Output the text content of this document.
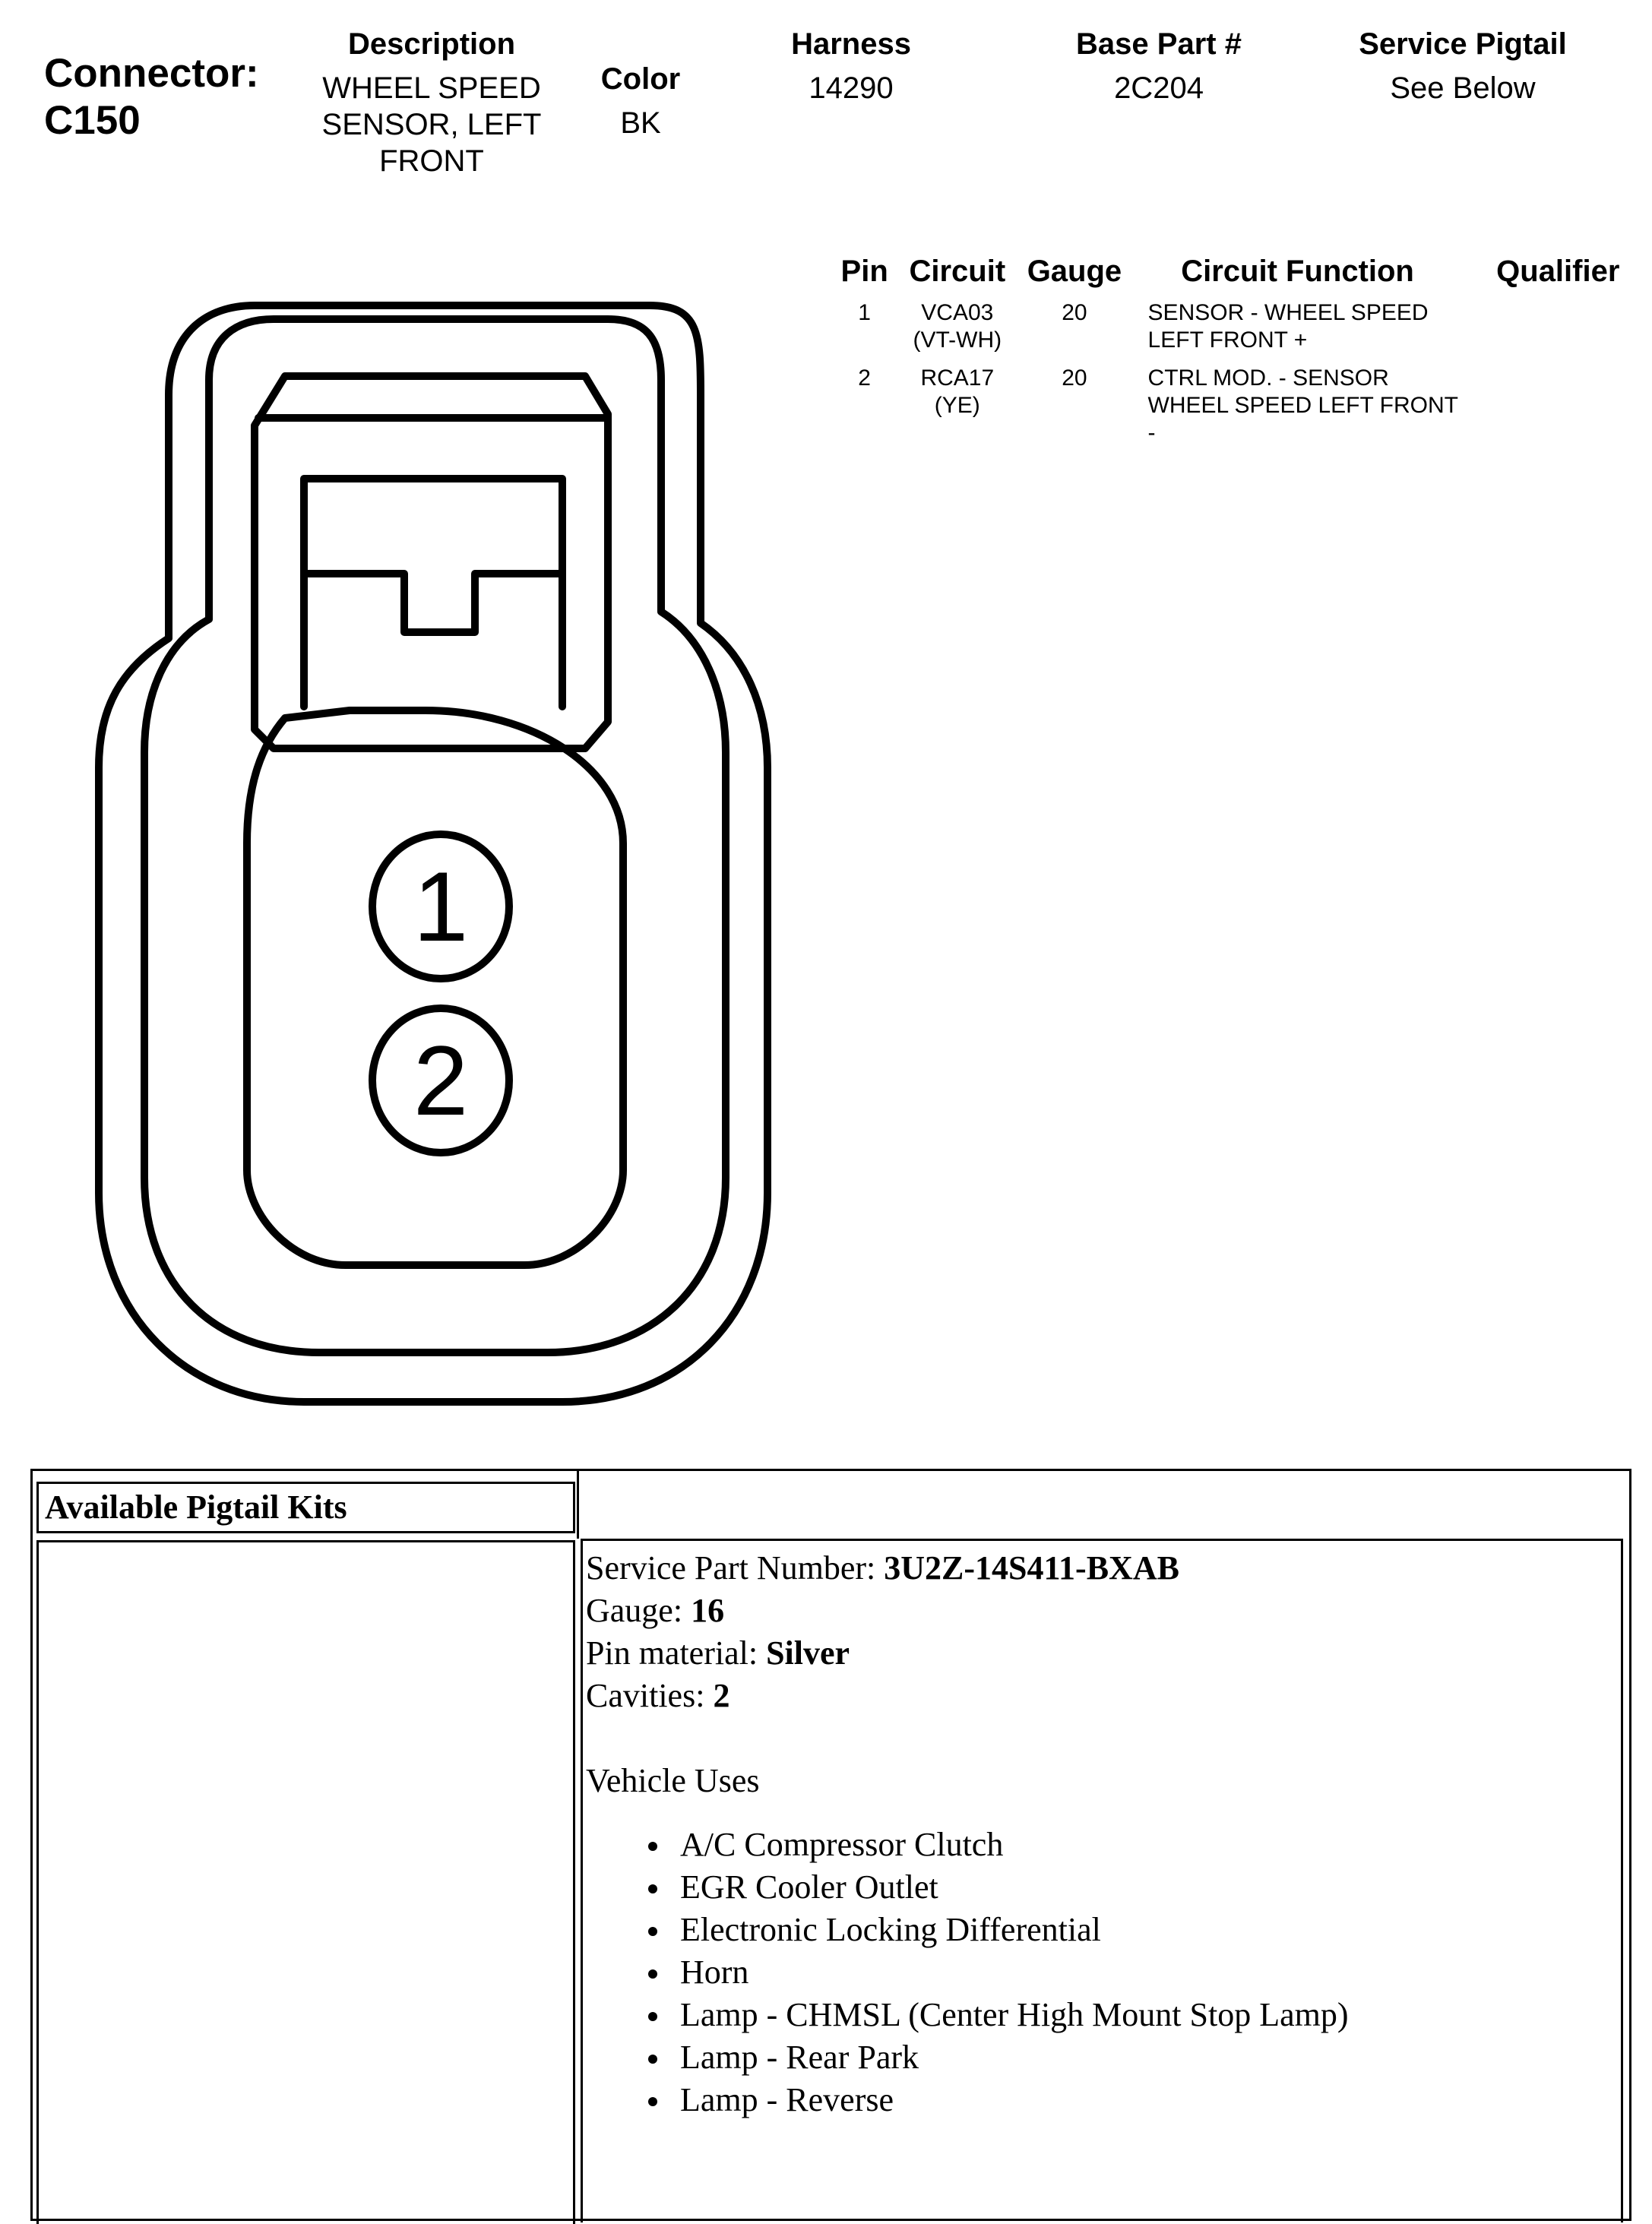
Connector:
C150
Description
WHEEL SPEED SENSOR, LEFT FRONT
Color
BK
Harness
14290
Base Part #
2C204
Service Pigtail
See Below
Pin	Circuit	Gauge	Circuit Function	Qualifier
1	VCA03 (VT-WH)	20	SENSOR - WHEEL SPEED LEFT FRONT +	
2	RCA17 (YE)	20	CTRL MOD. - SENSOR WHEEL SPEED LEFT FRONT -	
1
2
Available Pigtail Kits
Service Part Number: 3U2Z-14S411-BXAB
Gauge: 16
Pin material: Silver
Cavities: 2
Vehicle Uses
A/C Compressor Clutch
EGR Cooler Outlet
Electronic Locking Differential
Horn
Lamp - CHMSL (Center High Mount Stop Lamp)
Lamp - Rear Park
Lamp - Reverse
